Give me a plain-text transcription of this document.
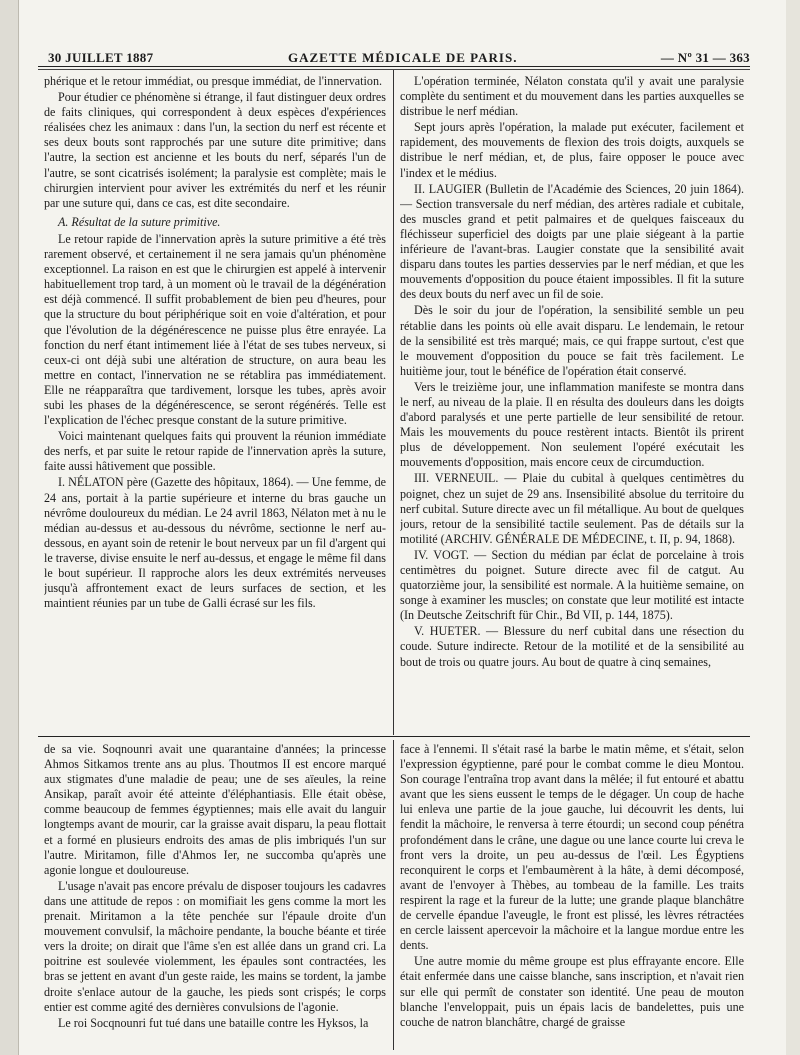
30 JUILLET 1887	GAZETTE MÉDICALE DE PARIS.	— Nº 31 — 363

phérique et le retour immédiat, ou presque immédiat, de l'innervation.

Pour étudier ce phénomène si étrange, il faut distinguer deux ordres de faits cliniques, qui correspondent à deux espèces d'expériences réalisées chez les animaux : dans l'un, la section du nerf est récente et ses deux bouts sont rapprochés par une suture dite primitive; dans l'autre, la section est ancienne et les bouts du nerf, séparés l'un de l'autre, se sont cicatrisés isolément; la paralysie est complète; mais le chirurgien intervient pour aviver les extrémités du nerf et les réunir par une suture qui, dans ce cas, est dite secondaire.

A. Résultat de la suture primitive.

Le retour rapide de l'innervation après la suture primitive a été très rarement observé, et certainement il ne sera jamais qu'un phénomène exceptionnel. La raison en est que le chirurgien est appelé à intervenir habituellement trop tard, à un moment où le travail de la dégénération est déjà commencé. Il suffit probablement de bien peu d'heures, pour que la structure du bout périphérique soit en voie d'altération, et pour que l'évolution de la dégénérescence ne puisse plus être enrayée. La fonction du nerf étant intimement liée à l'état de ses tubes nerveux, si ceux-ci ont déjà subi une altération de structure, on aura beau les mettre en contact, l'innervation ne se rétablira pas immédiatement. Elle ne réapparaîtra que tardivement, lorsque les tubes, après avoir subi les phases de la dégénérescence, se seront régénérés. Telle est l'explication de l'échec presque constant de la suture primitive.

Voici maintenant quelques faits qui prouvent la réunion immédiate des nerfs, et par suite le retour rapide de l'innervation après la suture, faite aussi hâtivement que possible.

I. NÉLATON père (Gazette des hôpitaux, 1864). — Une femme, de 24 ans, portait à la partie supérieure et interne du bras gauche un névrôme douloureux du médian. Le 24 avril 1863, Nélaton met à nu le médian au-dessus et au-dessous du névrôme, sectionne le nerf au-dessous, en ayant soin de retenir le bout nerveux par un fil d'argent qui le traverse, divise ensuite le nerf au-dessus, et engage le même fil dans le bout supérieur. Il rapproche alors les deux extrémités nerveuses jusqu'à affrontement exact de leurs surfaces de section, et les maintient réunies par un tube de Galli écrasé sur les fils.

L'opération terminée, Nélaton constata qu'il y avait une paralysie complète du sentiment et du mouvement dans les parties auxquelles se distribue le nerf médian.

Sept jours après l'opération, la malade put exécuter, facilement et rapidement, des mouvements de flexion des trois doigts, auxquels se distribue le nerf médian, et, de plus, faire opposer le pouce avec l'index et le médius.

II. LAUGIER (Bulletin de l'Académie des Sciences, 20 juin 1864). — Section transversale du nerf médian, des artères radiale et cubitale, des muscles grand et petit palmaires et de quelques faisceaux du fléchisseur superficiel des doigts par une plaie siégeant à la partie inférieure de l'avant-bras. Laugier constate que la sensibilité avait disparu dans toutes les parties desservies par le nerf médian, et que les mouvements d'opposition du pouce étaient impossibles. Il fit la suture des deux bouts du nerf avec un fil de soie.

Dès le soir du jour de l'opération, la sensibilité semble un peu rétablie dans les points où elle avait disparu. Le lendemain, le retour de la sensibilité est très marqué; mais, ce qui frappe surtout, c'est que le mouvement d'opposition du pouce se fait très facilement. Le huitième jour, tout le bénéfice de l'opération était conservé.

Vers le treizième jour, une inflammation manifeste se montra dans le nerf, au niveau de la plaie. Il en résulta des douleurs dans les doigts d'abord paralysés et une perte partielle de leur sensibilité de retour. Mais les mouvements du pouce restèrent intacts. Bientôt ils prirent plus de développement. Non seulement l'opéré exécutait les mouvements d'opposition, mais encore ceux de circumduction.

III. VERNEUIL. — Plaie du cubital à quelques centimètres du poignet, chez un sujet de 29 ans. Insensibilité absolue du territoire du nerf cubital. Suture directe avec un fil métallique. Au bout de quelques jours, retour de la sensibilité tactile seulement. Pas de détails sur la motilité (ARCHIV. GÉNÉRALE DE MÉDECINE, t. II, p. 94, 1868).

IV. VOGT. — Section du médian par éclat de porcelaine à trois centimètres du poignet. Suture directe avec fil de catgut. Au quatorzième jour, la sensibilité est normale. A la huitième semaine, on songe à examiner les muscles; on constate que leur motilité est intacte (In Deutsche Zeitschrift für Chir., Bd VII, p. 144, 1875).

V. HUETER. — Blessure du nerf cubital dans une résection du coude. Suture indirecte. Retour de la motilité et de la sensibilité au bout de trois ou quatre jours. Au bout de quatre à cinq semaines,

de sa vie. Soqnounri avait une quarantaine d'années; la princesse Ahmos Sitkamos trente ans au plus. Thoutmos II est encore marqué aux stigmates d'une maladie de peau; une de ses aïeules, la reine Ansikap, paraît avoir été atteinte d'éléphantiasis. Elle était obèse, comme beaucoup de femmes égyptiennes; mais elle avait du languir longtemps avant de mourir, car la graisse avait disparu, la peau flottait et a formé en plusieurs endroits des amas de plis imbriqués l'un sur l'autre. Miritamon, fille d'Ahmos Ier, ne succomba qu'après une agonie longue et douloureuse.

L'usage n'avait pas encore prévalu de disposer toujours les cadavres dans une attitude de repos : on momifiait les gens comme la mort les prenait. Miritamon a la tête penchée sur l'épaule droite d'un mouvement convulsif, la mâchoire pendante, la bouche béante et tirée vers la droite; on dirait que l'âme s'en est allée dans un grand cri. La poitrine est soulevée violemment, les épaules sont contractées, les bras se jettent en avant d'un geste raide, les mains se tordent, la jambe droite s'enlace autour de la gauche, les pieds sont crispés; le corps entier est comme agité des dernières convulsions de l'agonie.

Le roi Socqnounri fut tué dans une bataille contre les Hyksos, la

face à l'ennemi. Il s'était rasé la barbe le matin même, et s'était, selon l'expression égyptienne, paré pour le combat comme le dieu Montou. Son courage l'entraîna trop avant dans la mêlée; il fut entouré et abattu avant que les siens eussent le temps de le dégager. Un coup de hache lui enleva une partie de la joue gauche, lui découvrit les dents, lui fendit la mâchoire, le renversa à terre étourdi; un second coup pénétra profondément dans le crâne, une dague ou une lance courte lui creva le front vers la droite, un peu au-dessus de l'œil. Les Égyptiens reconquirent le corps et l'embaumèrent à la hâte, à demi décomposé, avant de l'envoyer à Thèbes, au tombeau de la famille. Les traits respirent la rage et la fureur de la lutte; une grande plaque blanchâtre de cervelle épandue l'aveugle, le front est plissé, les lèvres rétractées en cercle laissent apercevoir la mâchoire et la langue mordue entre les dents.

Une autre momie du même groupe est plus effrayante encore. Elle était enfermée dans une caisse blanche, sans inscription, et n'avait rien sur elle qui permît de constater son identité. Une peau de mouton blanche l'enveloppait, puis un épais lacis de bandelettes, puis une couche de natron blanchâtre, chargé de graisse
